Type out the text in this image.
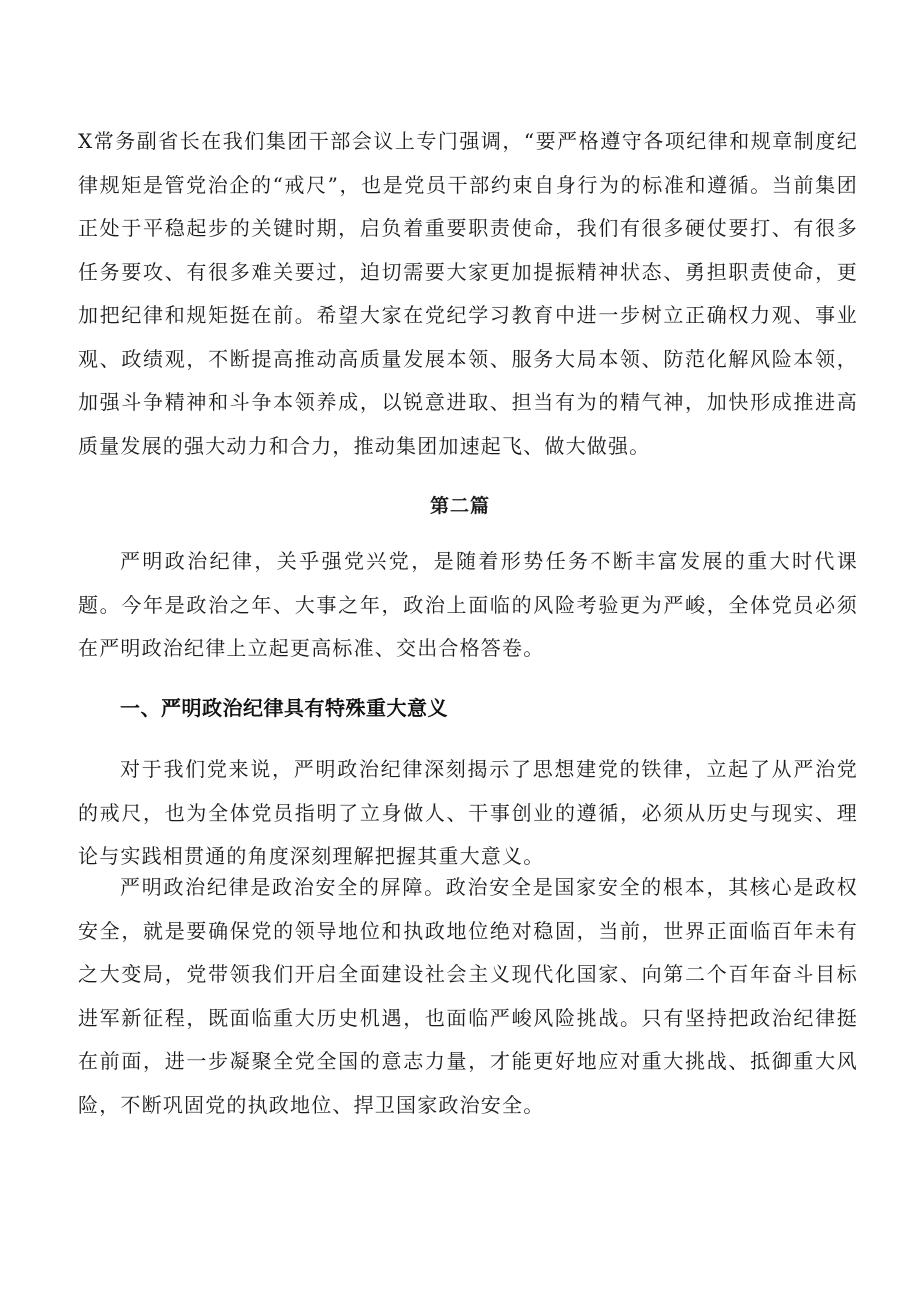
X常务副省长在我们集团干部会议上专门强调，“要严格遵守各项纪律和规章制度纪律规矩是管党治企的“戒尺”，也是党员干部约束自身行为的标准和遵循。当前集团正处于平稳起步的关键时期，启负着重要职责使命，我们有很多硬仗要打、有很多任务要攻、有很多难关要过，迫切需要大家更加提振精神状态、勇担职责使命，更加把纪律和规矩挺在前。希望大家在党纪学习教育中进一步树立正确权力观、事业观、政绩观，不断提高推动高质量发展本领、服务大局本领、防范化解风险本领，加强斗争精神和斗争本领养成，以锐意进取、担当有为的精气神，加快形成推进高质量发展的强大动力和合力，推动集团加速起飞、做大做强。

第二篇

严明政治纪律，关乎强党兴党，是随着形势任务不断丰富发展的重大时代课题。今年是政治之年、大事之年，政治上面临的风险考验更为严峻，全体党员必须在严明政治纪律上立起更高标准、交出合格答卷。

一、严明政治纪律具有特殊重大意义

对于我们党来说，严明政治纪律深刻揭示了思想建党的铁律，立起了从严治党的戒尺，也为全体党员指明了立身做人、干事创业的遵循，必须从历史与现实、理论与实践相贯通的角度深刻理解把握其重大意义。

严明政治纪律是政治安全的屏障。政治安全是国家安全的根本，其核心是政权安全，就是要确保党的领导地位和执政地位绝对稳固，当前，世界正面临百年未有之大变局，党带领我们开启全面建设社会主义现代化国家、向第二个百年奋斗目标进军新征程，既面临重大历史机遇，也面临严峻风险挑战。只有坚持把政治纪律挺在前面，进一步凝聚全党全国的意志力量，才能更好地应对重大挑战、抵御重大风险，不断巩固党的执政地位、捍卫国家政治安全。
